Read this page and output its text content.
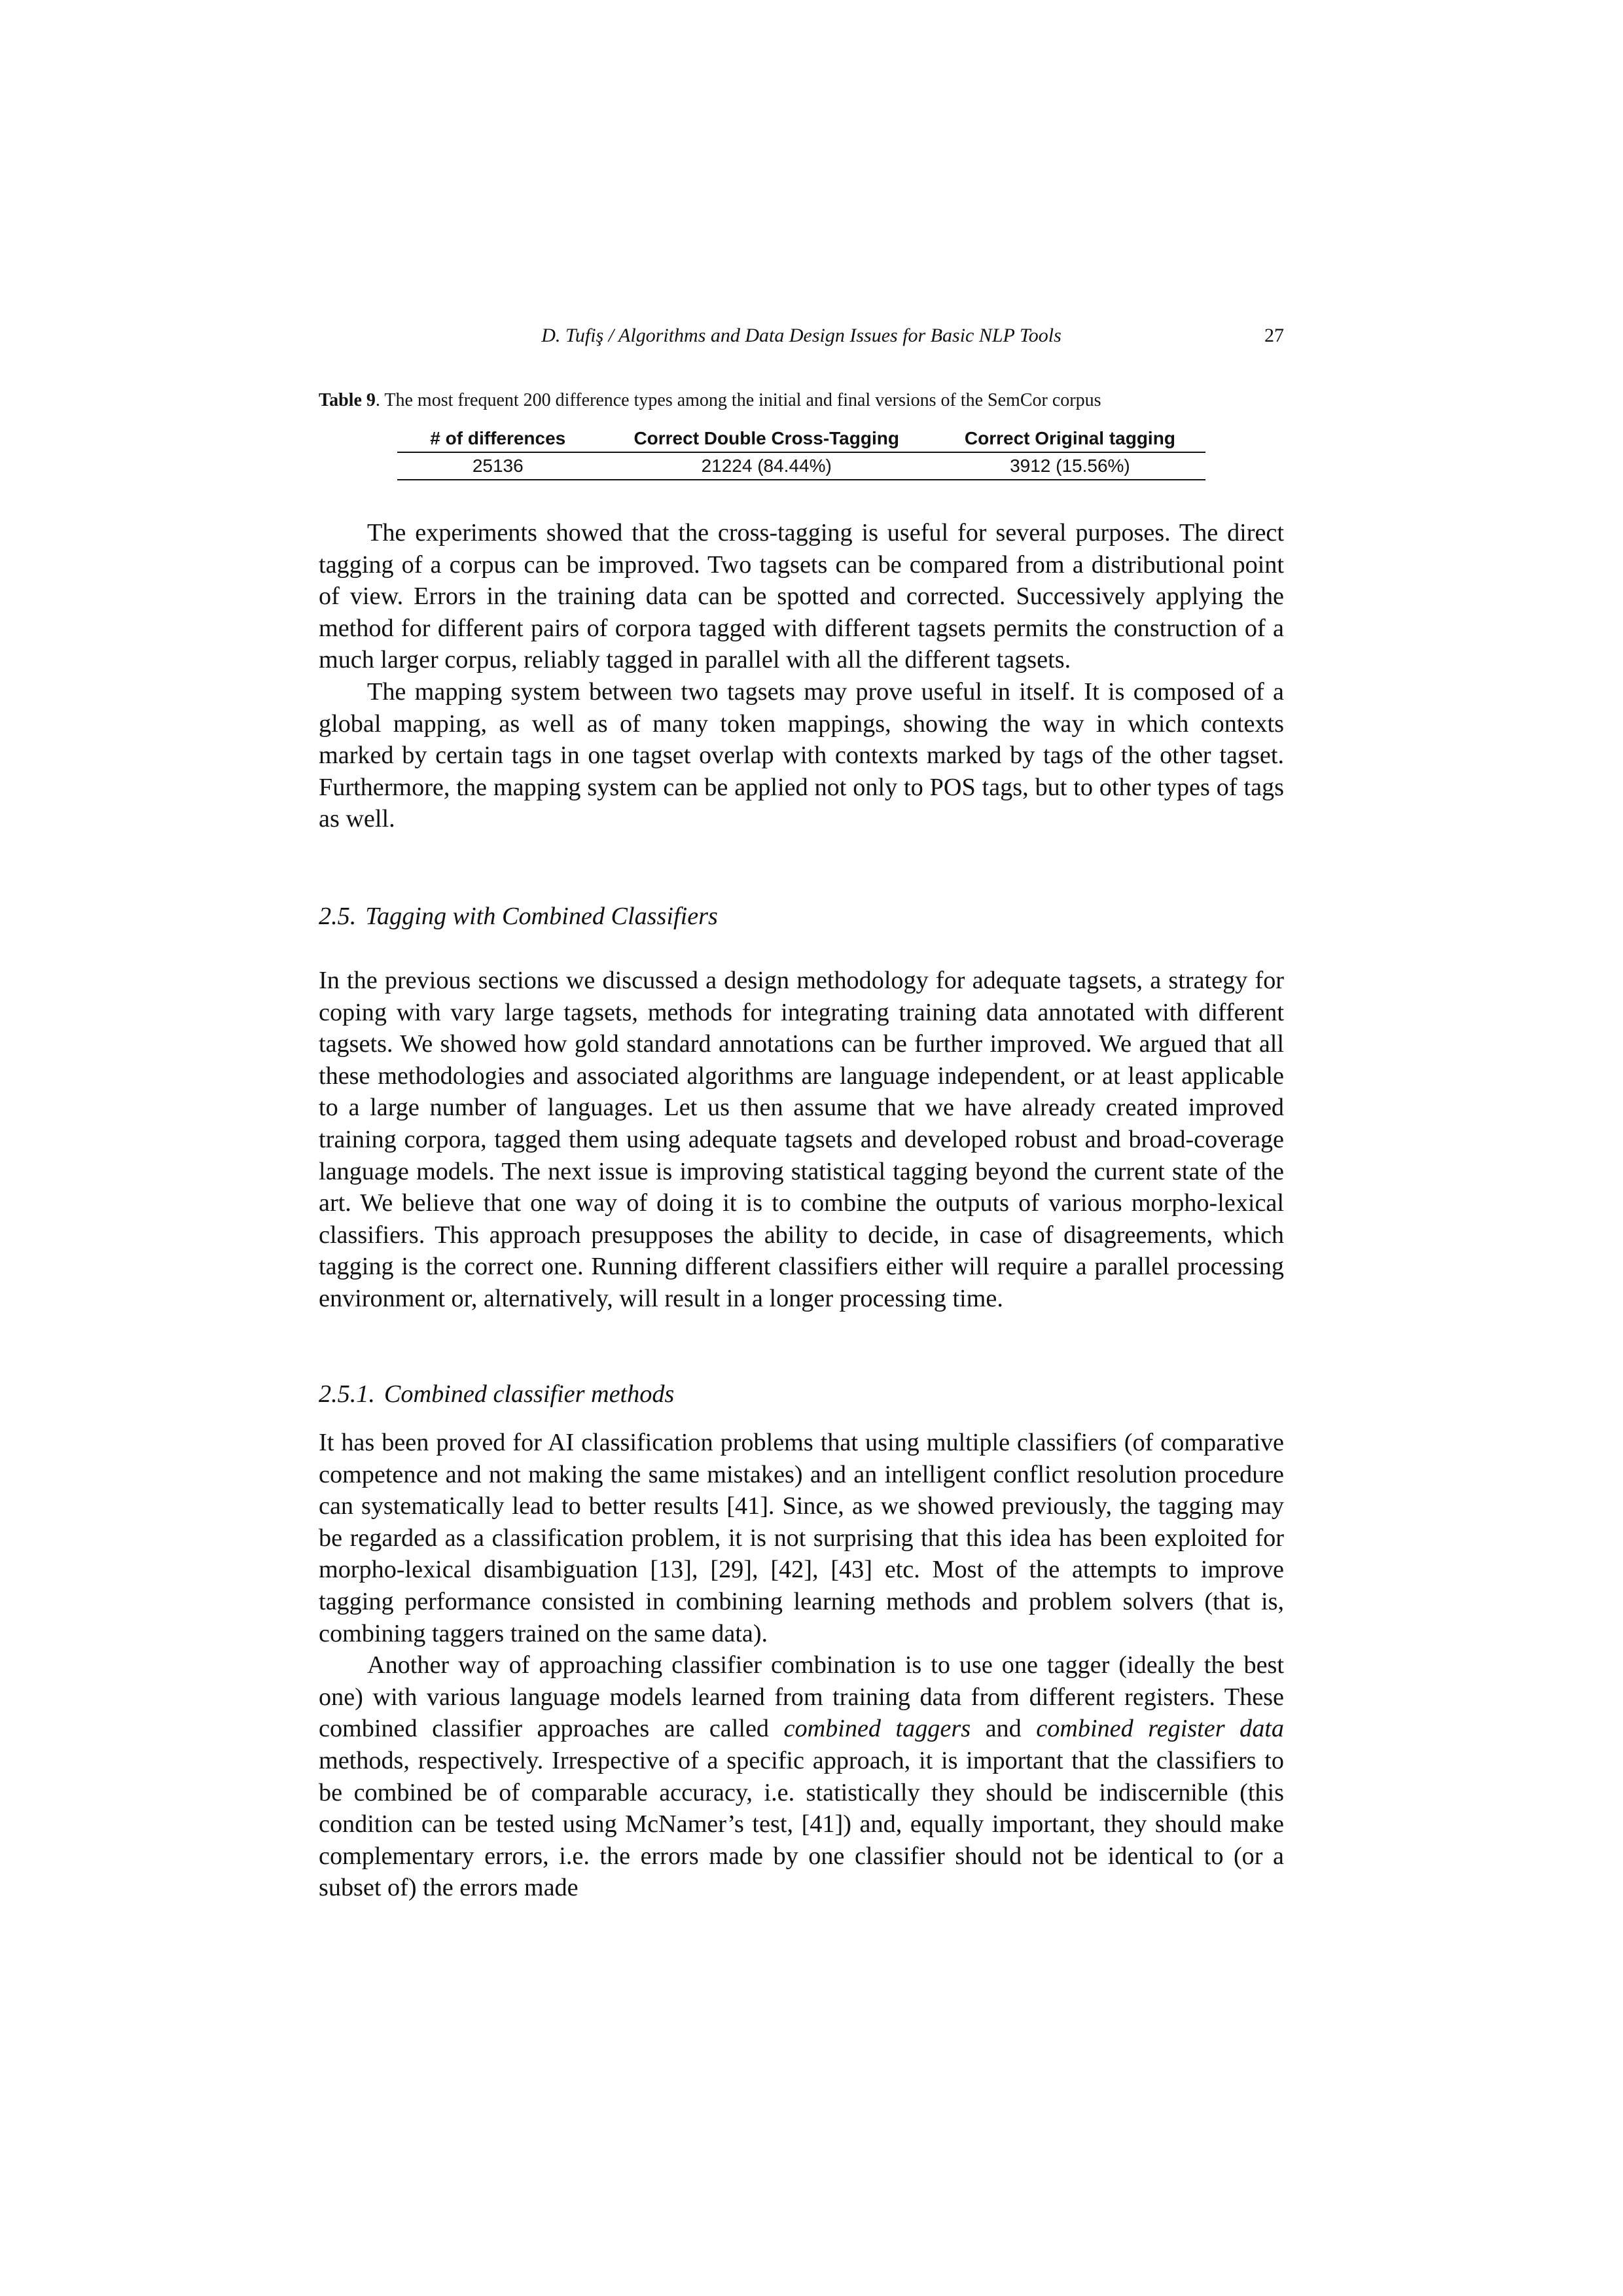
D. Tufiş / Algorithms and Data Design Issues for Basic NLP Tools	27
Table 9. The most frequent 200 difference types among the initial and final versions of the SemCor corpus
# of differences	Correct Double Cross-Tagging	Correct Original tagging
25136	21224 (84.44%)	3912 (15.56%)

The experiments showed that the cross-tagging is useful for several purposes. The direct tagging of a corpus can be improved. Two tagsets can be compared from a distributional point of view. Errors in the training data can be spotted and corrected. Successively applying the method for different pairs of corpora tagged with different tagsets permits the construction of a much larger corpus, reliably tagged in parallel with all the different tagsets.

The mapping system between two tagsets may prove useful in itself. It is composed of a global mapping, as well as of many token mappings, showing the way in which contexts marked by certain tags in one tagset overlap with contexts marked by tags of the other tagset. Furthermore, the mapping system can be applied not only to POS tags, but to other types of tags as well.

2.5. Tagging with Combined Classifiers

In the previous sections we discussed a design methodology for adequate tagsets, a strategy for coping with vary large tagsets, methods for integrating training data annotated with different tagsets. We showed how gold standard annotations can be further improved. We argued that all these methodologies and associated algorithms are language independent, or at least applicable to a large number of languages. Let us then assume that we have already created improved training corpora, tagged them using adequate tagsets and developed robust and broad-coverage language models. The next issue is improving statistical tagging beyond the current state of the art. We believe that one way of doing it is to combine the outputs of various morpho-lexical classifiers. This approach presupposes the ability to decide, in case of disagreements, which tagging is the correct one. Running different classifiers either will require a parallel processing environment or, alternatively, will result in a longer processing time.

2.5.1. Combined classifier methods

It has been proved for AI classification problems that using multiple classifiers (of comparative competence and not making the same mistakes) and an intelligent conflict resolution procedure can systematically lead to better results [41]. Since, as we showed previously, the tagging may be regarded as a classification problem, it is not surprising that this idea has been exploited for morpho-lexical disambiguation [13], [29], [42], [43] etc. Most of the attempts to improve tagging performance consisted in combining learning methods and problem solvers (that is, combining taggers trained on the same data).

Another way of approaching classifier combination is to use one tagger (ideally the best one) with various language models learned from training data from different registers. These combined classifier approaches are called combined taggers and combined register data methods, respectively. Irrespective of a specific approach, it is important that the classifiers to be combined be of comparable accuracy, i.e. statistically they should be indiscernible (this condition can be tested using McNamer’s test, [41]) and, equally important, they should make complementary errors, i.e. the errors made by one classifier should not be identical to (or a subset of) the errors made
